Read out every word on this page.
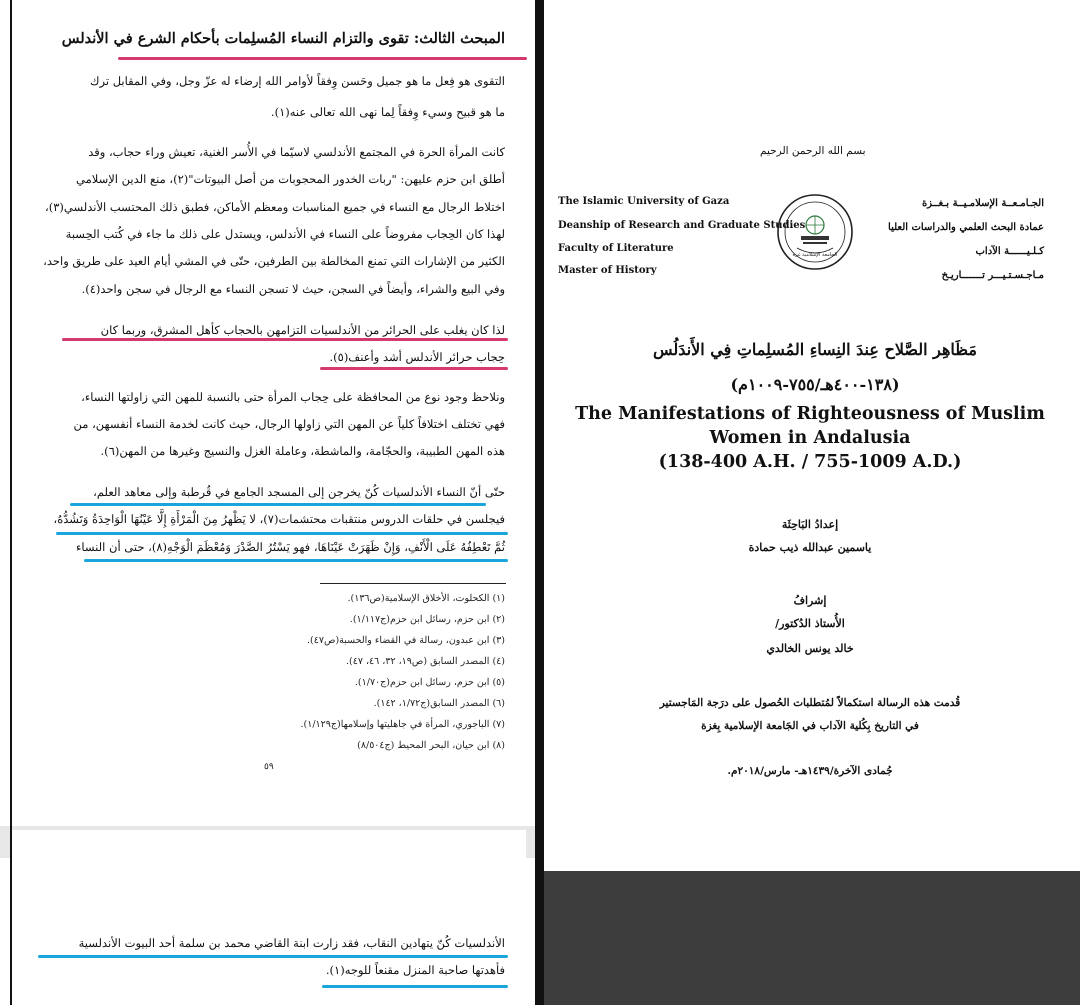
المبحث الثالث: تقوى والتزام النساء المُسلِمات بأحكام الشرع في الأندلس
التقوى هو فِعل ما هو جميل وحَسن وِفقاً لأوامر الله إرضاء له عزّ وجل، وفي المقابل ترك
ما هو قبيح وسيء وِفقاً لِما نهى الله تعالى عنه(١).
كانت المرأة الحرة في المجتمع الأندلسي لاسيّما في الأُسر الغنية، تعيش وراء حجاب، وقد
أطلق ابن حزم عليهن: "ربات الخدور المحجوبات من أصل البيوتات"(٢)، منع الدين الإسلامي
اختلاط الرجال مع النساء في جميع المناسبات ومعظم الأماكن، فطبق ذلك المحتسب الأندلسي(٣)،
لهذا كان الحِجاب مفروضاً على النساء في الأندلس، ويستدل على ذلك ما جاء في كُتب الحِسبة
الكثير من الإشارات التي تمنع المخالطة بين الطرفين، حتّى في المشي أيام العيد على طريق واحد،
وفي البيع والشراء، وأيضاً في السجن، حيث لا تسجن النساء مع الرجال في سجن واحد(٤).
لذا كان يغلب على الحرائر من الأندلسيات التزامهن بالحجاب كأهل المشرق، وربما كان
حِجاب حرائر الأندلس أشد وأعنف(٥).
ونلاحظ وجود نوع من المحافظة على حِجاب المرأة حتى بالنسبة للمهن التي زاولتها النساء،
فهي تختلف اختلافاً كلياً عن المهن التي زاولها الرجال، حيث كانت لخدمة النساء أنفسهن، من
هذه المهن الطبيبة، والحجّامة، والماشطة، وعاملة الغزل والنسيج وغيرها من المهن(٦).
حتّى أنّ النساء الأندلسيات كُنّ يخرجن إلى المسجد الجامع في قُرطبة وإلى معاهد العلم،
فيجلسن في حلقات الدروس منتقبات محتشمات(٧)، لا يَظْهرُ مِنَ الْمَرْأَةِ إِلَّا عَيْنُهَا الْوَاحِدَةُ وَتَشُدُّهُ،
ثُمَّ تَعْطِفُهُ عَلَى الْأَنْفِ، وَإِنْ ظَهَرَتْ عَيْنَاهَا، فهو يَسْتُرُ الصَّدْرَ وَمُعْظَمَ الْوَجْهِ(٨)، حتى أن النساء
(١) الكحلوت، الأخلاق الإسلامية(ص١٣٦).
(٢) ابن حزم، رسائل ابن حزم(ج١/١١٧).
(٣) ابن عبدون، رسالة في القضاء والحسبة(ص٤٧).
(٤) المصدر السابق (ص١٩، ٣٢، ٤٦، ٤٧).
(٥) ابن حزم، رسائل ابن حزم(ج١/٧٠).
(٦) المصدر السابق(ج١/٧٢، ١٤٢).
(٧) الباجوري، المرأة في جاهليتها وإسلامها(ج١/١٢٩).
(٨) ابن حيان، البحر المحيط (ج٨/٥٠٤)
٥٩
الأندلسيات كُنّ يتهادين النقاب، فقد زارت ابنة القاضي محمد بن سلمة أحد البيوت الأندلسية
فأهدتها صاحبة المنزل مقنعاً للوجه(١).
بسم الله الرحمن الرحيم
The Islamic University of Gaza
Deanship of Research and Graduate Studies
Faculty of Literature
Master of History
الجامعة الإسلامية غزة
الجـامـعــة الإسلامـيــة بـغــزة
عمادة البحث العلمي والدراسات العليا
كـلـيــــــة الآداب
مـاجـسـتـيـــر تـــــــاريـخ
مَظَاهِر الصَّلاح عِندَ النِساءِ المُسلِماتِ فِي الأَندَلُس
(١٣٨-٤٠٠هـ/٧٥٥-١٠٠٩م)
The Manifestations of Righteousness of Muslim
Women in Andalusia
(138-400 A.H. / 755-1009 A.D.)
إعدادُ البَاحِثَة
ياسمين عبدالله ذيب حمادة
إشرافُ
الأُستاذ الدُكتور/
خالد يونس الخالدي
قُدمت هذه الرسالة استكمالاً لمُتطلبات الحُصول على درَجة المَاجستير
في التاريخ بِكُلية الآداب في الجَامعة الإسلامية بِغزة
جُمادى الآخرة/١٤٣٩هـ- مارس/٢٠١٨م.
